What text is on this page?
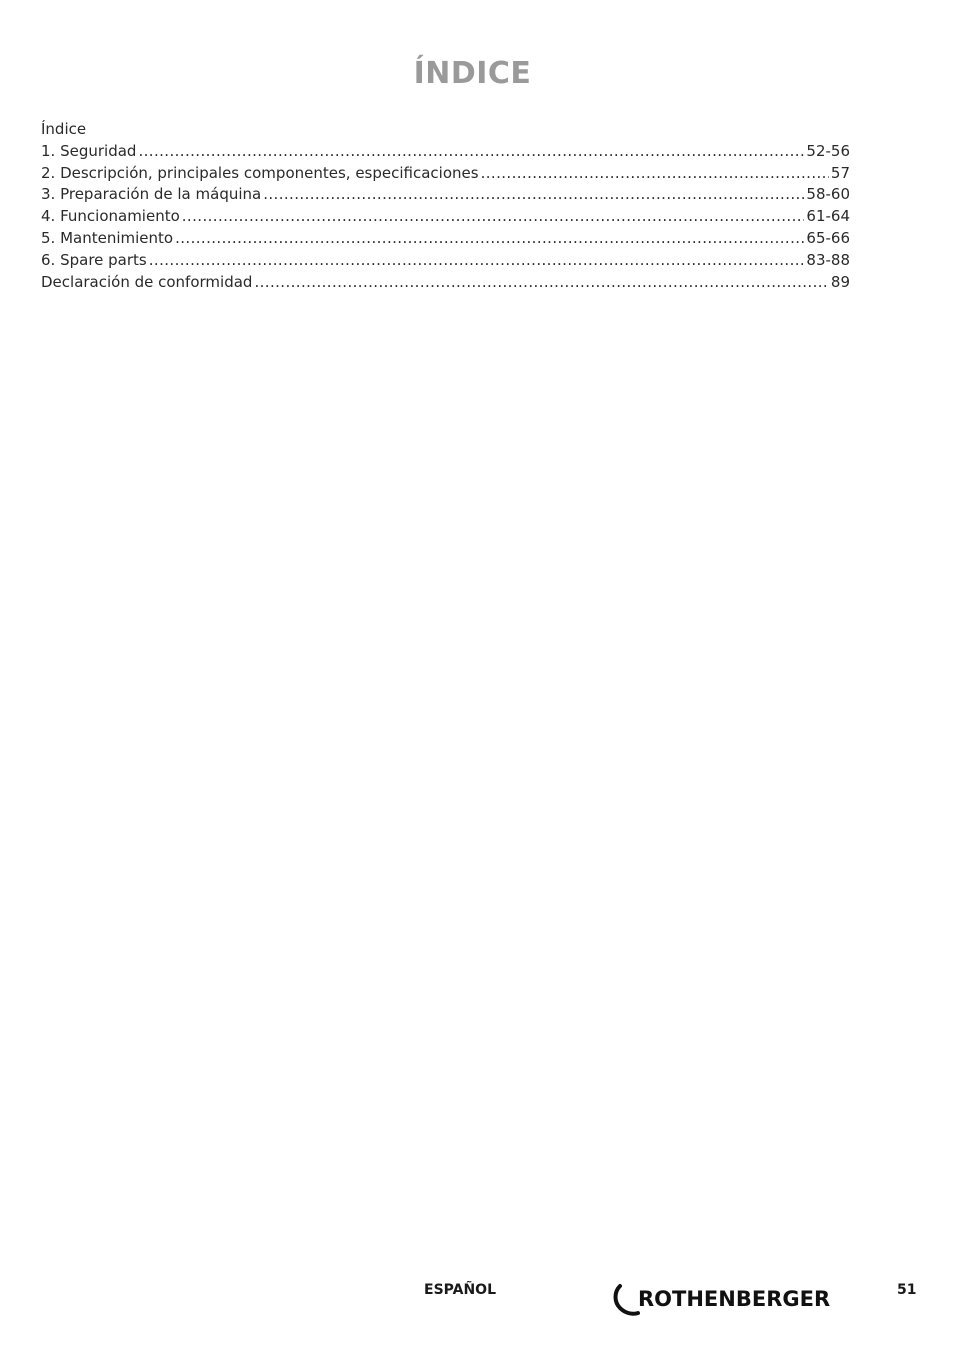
ÍNDICE
Índice
1. Seguridad .....	52-56
2. Descripción, principales componentes, especificaciones .....	57
3. Preparación de la máquina .....	58-60
4. Funcionamiento .....	61-64
5. Mantenimiento .....	65-66
6. Spare parts .....	83-88
Declaración de conformidad .....	89
ESPAÑOL	ROTHENBERGER	51
